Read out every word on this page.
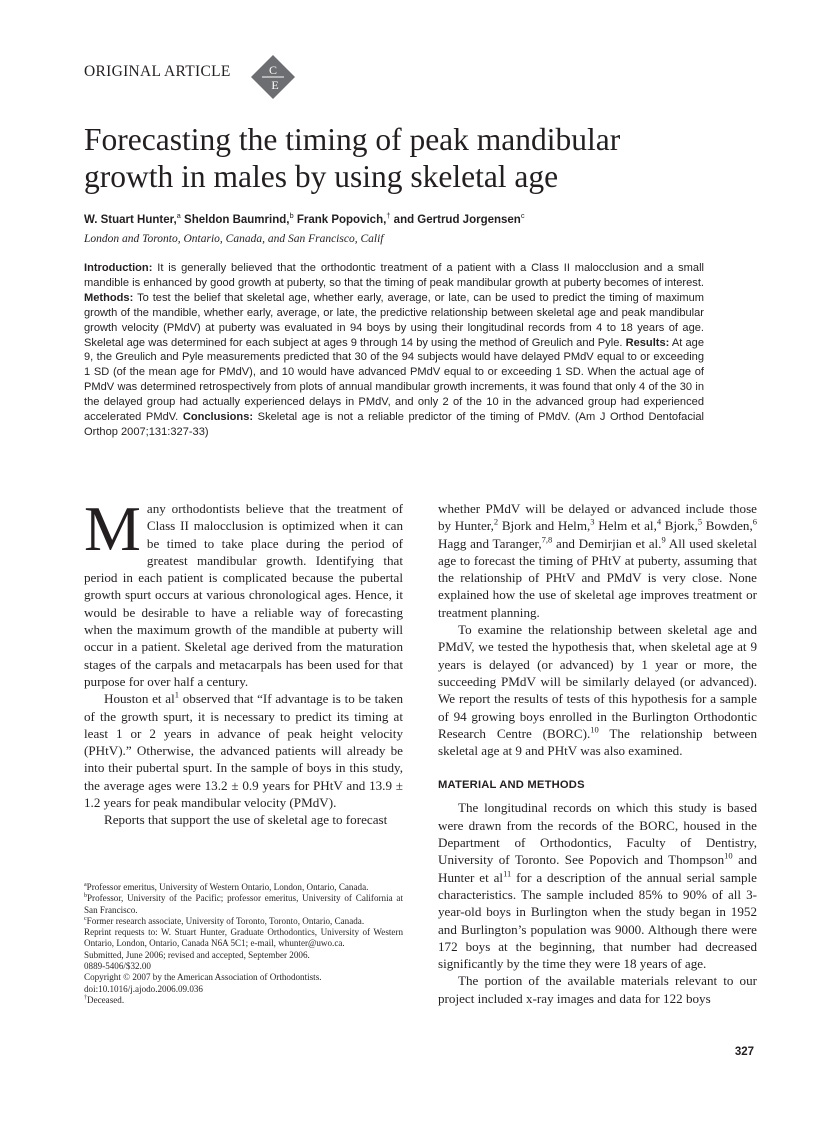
ORIGINAL ARTICLE	C
E
Forecasting the timing of peak mandibular
growth in males by using skeletal age
W. Stuart Hunter,$^a$ Sheldon Baumrind,$^b$ Frank Popovich,† and Gertrud Jorgensen$^c$
London and Toronto, Ontario, Canada, and San Francisco, Calif
Introduction: It is generally believed that the orthodontic treatment of a patient with a Class II malocclusion and a small mandible is enhanced by good growth at puberty, so that the timing of peak mandibular growth at puberty becomes of interest. Methods: To test the belief that skeletal age, whether early, average, or late, can be used to predict the timing of maximum growth of the mandible, whether early, average, or late, the predictive relationship between skeletal age and peak mandibular growth velocity (PMdV) at puberty was evaluated in 94 boys by using their longitudinal records from 4 to 18 years of age. Skeletal age was determined for each subject at ages 9 through 14 by using the method of Greulich and Pyle. Results: At age 9, the Greulich and Pyle measurements predicted that 30 of the 94 subjects would have delayed PMdV equal to or exceeding 1 SD (of the mean age for PMdV), and 10 would have advanced PMdV equal to or exceeding 1 SD. When the actual age of PMdV was determined retrospectively from plots of annual mandibular growth increments, it was found that only 4 of the 30 in the delayed group had actually experienced delays in PMdV, and only 2 of the 10 in the advanced group had experienced accelerated PMdV. Conclusions: Skeletal age is not a reliable predictor of the timing of PMdV. (Am J Orthod Dentofacial Orthop 2007;131:327-33)

Many orthodontists believe that the treatment of Class II malocclusion is optimized when it can be timed to take place during the period of greatest mandibular growth. Identifying that period in each patient is complicated because the pubertal growth spurt occurs at various chronological ages. Hence, it would be desirable to have a reliable way of forecasting when the maximum growth of the mandible at puberty will occur in a patient. Skeletal age derived from the maturation stages of the carpals and metacarpals has been used for that purpose for over half a century.

Houston et $al^1$ observed that “If advantage is to be taken of the growth spurt, it is necessary to predict its timing at least 1 or 2 years in advance of peak height velocity (PHtV).” Otherwise, the advanced patients will already be into their pubertal spurt. In the sample of boys in this study, the average ages were 13.2 ± 0.9 years for PHtV and 13.9 ± 1.2 years for peak mandibular velocity (PMdV).

Reports that support the use of skeletal age to forecast

$^a$Professor emeritus, University of Western Ontario, London, Ontario, Canada.

$^b$Professor, University of the Pacific; professor emeritus, University of California at San Francisco.

$^c$Former research associate, University of Toronto, Toronto, Ontario, Canada.

Reprint requests to: W. Stuart Hunter, Graduate Orthodontics, University of Western Ontario, London, Ontario, Canada N6A 5C1; e-mail, whunter@uwo.ca.

Submitted, June 2006; revised and accepted, September 2006.

0889-5406/$32.00

Copyright © 2007 by the American Association of Orthodontists.

doi:10.1016/j.ajodo.2006.09.036

†Deceased.

whether PMdV will be delayed or advanced include those by Hunter,$^2$ Bjork and Helm,$^3$ Helm et al,$^4$ Bjork,$^5$ Bowden,$^6$ Hagg and Taranger,$^{7,8}$ and Demirjian et al.$^9$ All used skeletal age to forecast the timing of PHtV at puberty, assuming that the relationship of PHtV and PMdV is very close. None explained how the use of skeletal age improves treatment or treatment planning.

To examine the relationship between skeletal age and PMdV, we tested the hypothesis that, when skeletal age at 9 years is delayed (or advanced) by 1 year or more, the succeeding PMdV will be similarly delayed (or advanced). We report the results of tests of this hypothesis for a sample of 94 growing boys enrolled in the Burlington Orthodontic Research Centre (BORC).$^{10}$ The relationship between skeletal age at 9 and PHtV was also examined.

MATERIAL AND METHODS

The longitudinal records on which this study is based were drawn from the records of the BORC, housed in the Department of Orthodontics, Faculty of Dentistry, University of Toronto. See Popovich and Thompson$^{10}$ and Hunter et $al^{11}$ for a description of the annual serial sample characteristics. The sample included 85% to 90% of all 3-year-old boys in Burlington when the study began in 1952 and Burlington’s population was 9000. Although there were 172 boys at the beginning, that number had decreased significantly by the time they were 18 years of age.

The portion of the available materials relevant to our project included x-ray images and data for 122 boys

327
